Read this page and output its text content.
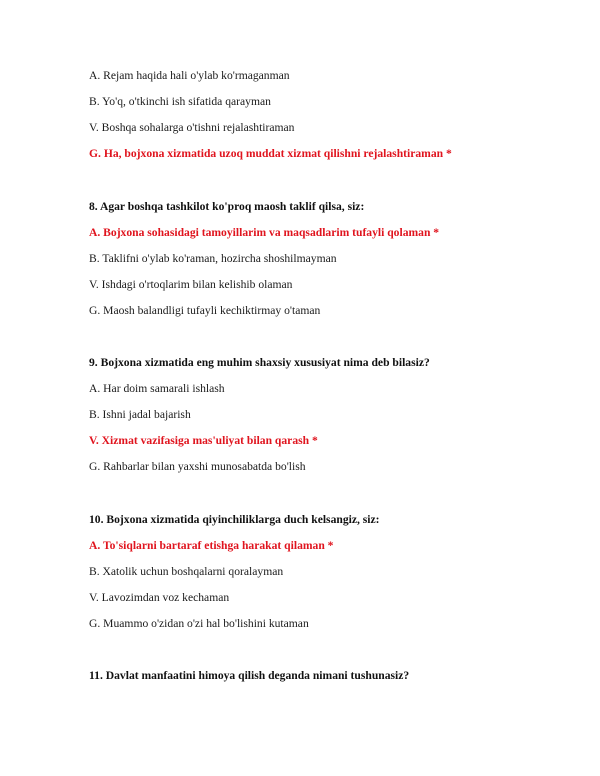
A. Rejam haqida hali o'ylab ko'rmaganman
B. Yo'q, o'tkinchi ish sifatida qarayman
V. Boshqa sohalarga o'tishni rejalashtiraman
G. Ha, bojxona xizmatida uzoq muddat xizmat qilishni rejalashtiraman *
8. Agar boshqa tashkilot ko'proq maosh taklif qilsa, siz:
A. Bojxona sohasidagi tamoyillarim va maqsadlarim tufayli qolaman *
B. Taklifni o'ylab ko'raman, hozircha shoshilmayman
V. Ishdagi o'rtoqlarim bilan kelishib olaman
G. Maosh balandligi tufayli kechiktirmay o'taman
9. Bojxona xizmatida eng muhim shaxsiy xususiyat nima deb bilasiz?
A. Har doim samarali ishlash
B. Ishni jadal bajarish
V. Xizmat vazifasiga mas'uliyat bilan qarash *
G. Rahbarlar bilan yaxshi munosabatda bo'lish
10. Bojxona xizmatida qiyinchiliklarga duch kelsangiz, siz:
A. To'siqlarni bartaraf etishga harakat qilaman *
B. Xatolik uchun boshqalarni qoralayman
V. Lavozimdan voz kechaman
G. Muammo o'zidan o'zi hal bo'lishini kutaman
11. Davlat manfaatini himoya qilish deganda nimani tushunasiz?
